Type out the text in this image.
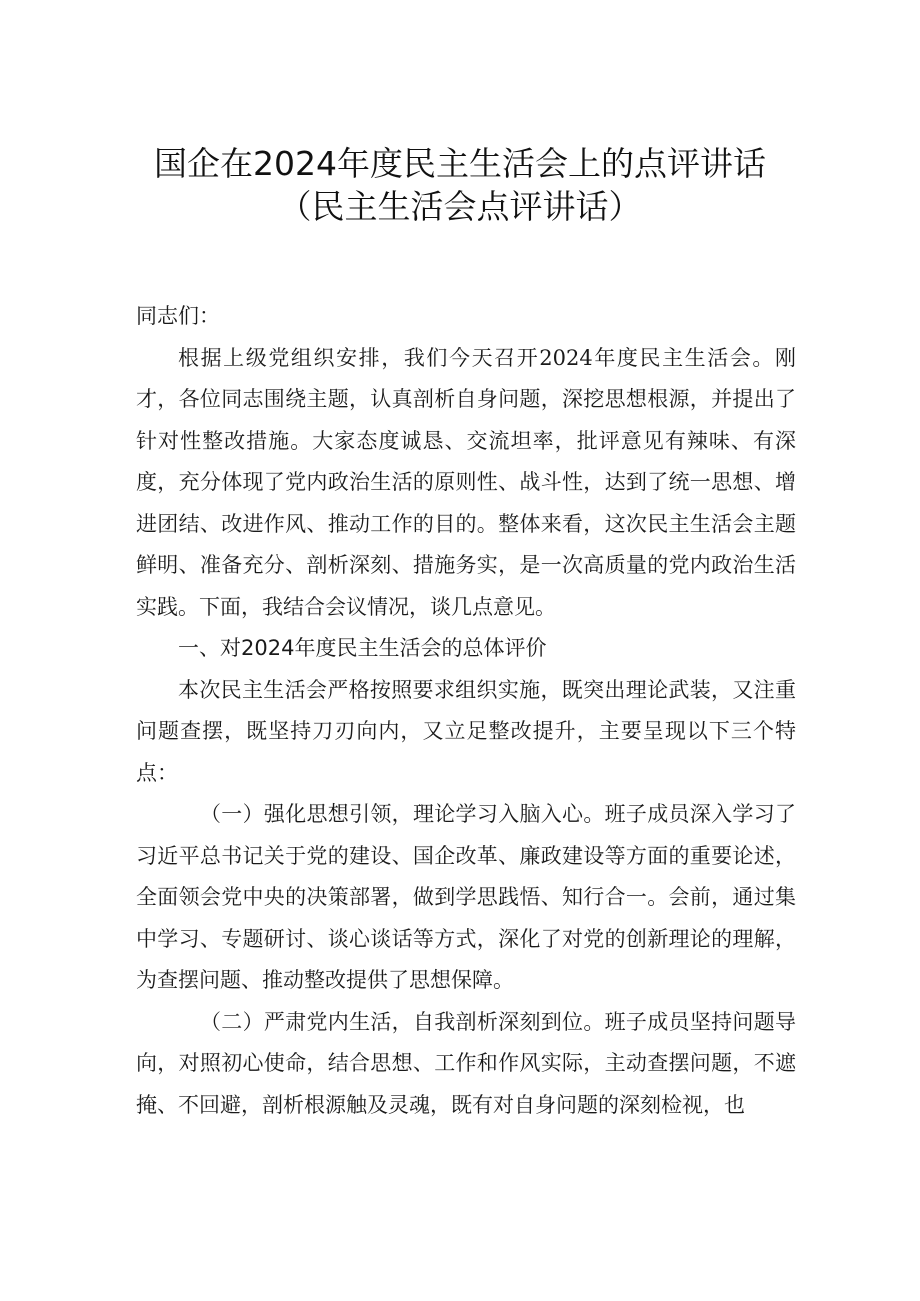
国企在2024年度民主生活会上的点评讲话
（民主生活会点评讲话）

同志们：

根据上级党组织安排，我们今天召开2024年度民主生活会。刚才，各位同志围绕主题，认真剖析自身问题，深挖思想根源，并提出了针对性整改措施。大家态度诚恳、交流坦率，批评意见有辣味、有深度，充分体现了党内政治生活的原则性、战斗性，达到了统一思想、增进团结、改进作风、推动工作的目的。整体来看，这次民主生活会主题鲜明、准备充分、剖析深刻、措施务实，是一次高质量的党内政治生活实践。下面，我结合会议情况，谈几点意见。

一、对2024年度民主生活会的总体评价

本次民主生活会严格按照要求组织实施，既突出理论武装，又注重问题查摆，既坚持刀刃向内，又立足整改提升，主要呈现以下三个特点：

（一）强化思想引领，理论学习入脑入心。班子成员深入学习了习近平总书记关于党的建设、国企改革、廉政建设等方面的重要论述，全面领会党中央的决策部署，做到学思践悟、知行合一。会前，通过集中学习、专题研讨、谈心谈话等方式，深化了对党的创新理论的理解，为查摆问题、推动整改提供了思想保障。

（二）严肃党内生活，自我剖析深刻到位。班子成员坚持问题导向，对照初心使命，结合思想、工作和作风实际，主动查摆问题，不遮掩、不回避，剖析根源触及灵魂，既有对自身问题的深刻检视，也
